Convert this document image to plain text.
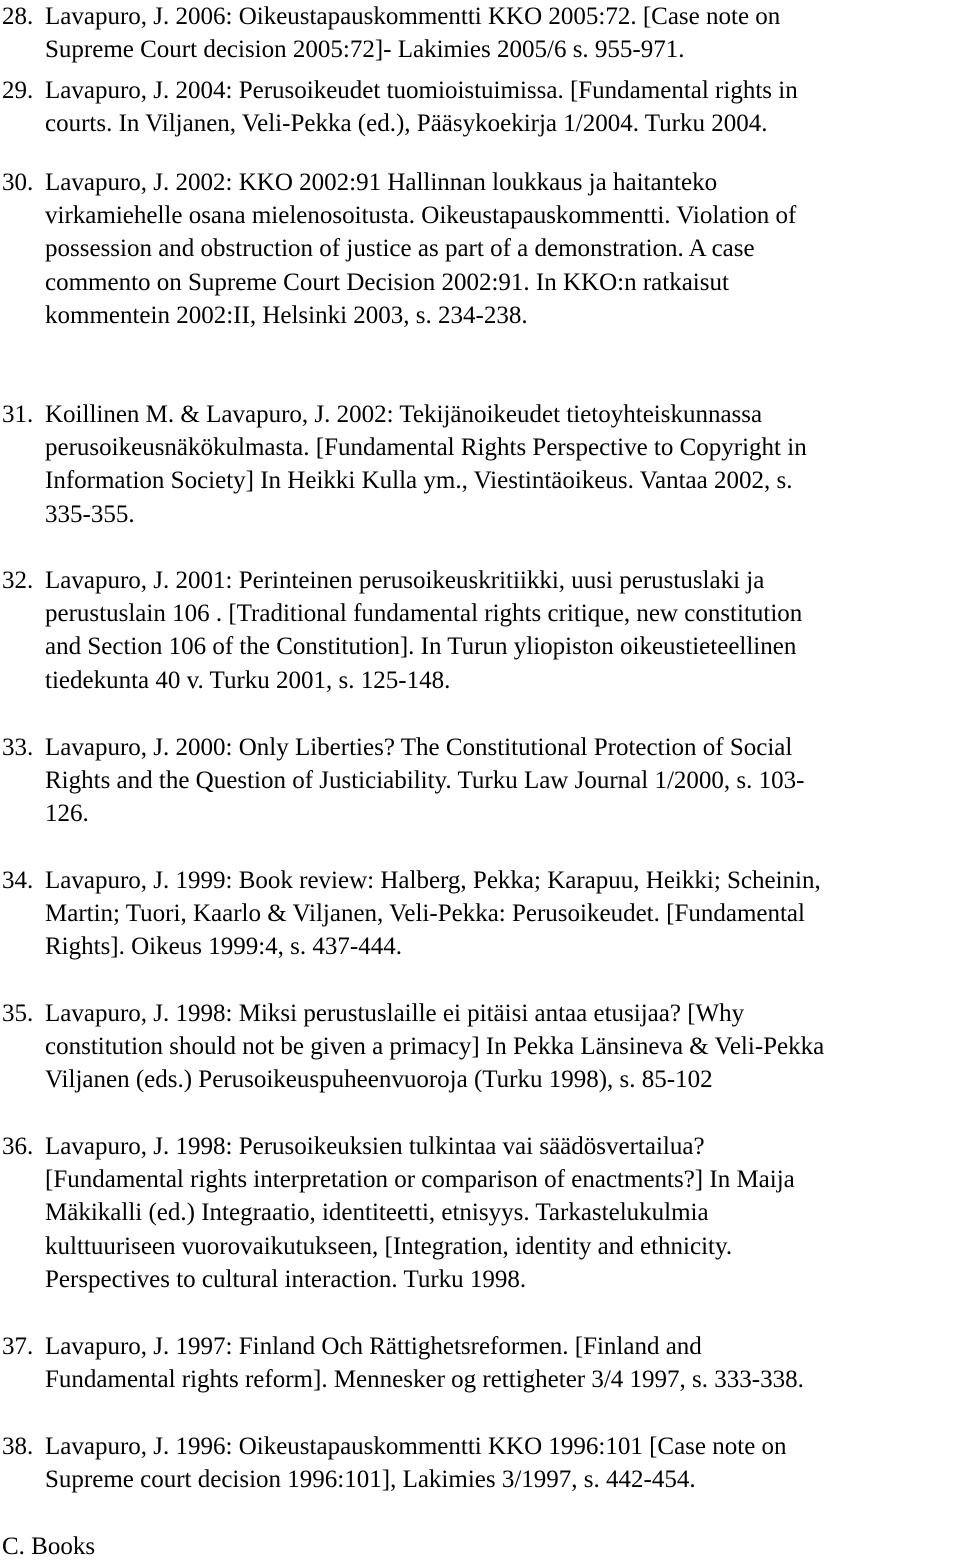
28. Lavapuro, J. 2006: Oikeustapauskommentti KKO 2005:72. [Case note on
Supreme Court decision 2005:72]- Lakimies 2005/6 s. 955-971.
29. Lavapuro, J. 2004: Perusoikeudet tuomioistuimissa. [Fundamental rights in
courts. In Viljanen, Veli-Pekka (ed.), Pääsykoekirja 1/2004. Turku 2004.
30. Lavapuro, J. 2002: KKO 2002:91 Hallinnan loukkaus ja haitanteko
virkamiehelle osana mielenosoitusta. Oikeustapauskommentti. Violation of
possession and obstruction of justice as part of a demonstration. A case
commento on Supreme Court Decision 2002:91. In KKO:n ratkaisut
kommentein 2002:II, Helsinki 2003, s. 234-238.
31. Koillinen M. & Lavapuro, J. 2002: Tekijänoikeudet tietoyhteiskunnassa
perusoikeusnäkökulmasta. [Fundamental Rights Perspective to Copyright in
Information Society] In Heikki Kulla ym., Viestintäoikeus. Vantaa 2002, s.
335-355.
32. Lavapuro, J. 2001: Perinteinen perusoikeuskritiikki, uusi perustuslaki ja
perustuslain 106 . [Traditional fundamental rights critique, new constitution
and Section 106 of the Constitution]. In Turun yliopiston oikeustieteellinen
tiedekunta 40 v. Turku 2001, s. 125-148.
33. Lavapuro, J. 2000: Only Liberties? The Constitutional Protection of Social
Rights and the Question of Justiciability. Turku Law Journal 1/2000, s. 103-
126.
34. Lavapuro, J. 1999: Book review: Halberg, Pekka; Karapuu, Heikki; Scheinin,
Martin; Tuori, Kaarlo & Viljanen, Veli-Pekka: Perusoikeudet. [Fundamental
Rights]. Oikeus 1999:4, s. 437-444.
35. Lavapuro, J. 1998: Miksi perustuslaille ei pitäisi antaa etusijaa? [Why
constitution should not be given a primacy] In Pekka Länsineva & Veli-Pekka
Viljanen (eds.) Perusoikeuspuheenvuoroja (Turku 1998), s. 85-102
36. Lavapuro, J. 1998: Perusoikeuksien tulkintaa vai säädösvertailua?
[Fundamental rights interpretation or comparison of enactments?] In Maija
Mäkikalli (ed.) Integraatio, identiteetti, etnisyys. Tarkastelukulmia
kulttuuriseen vuorovaikutukseen, [Integration, identity and ethnicity.
Perspectives to cultural interaction. Turku 1998.
37. Lavapuro, J. 1997: Finland Och Rättighetsreformen. [Finland and
Fundamental rights reform]. Mennesker og rettigheter 3/4 1997, s. 333-338.
38. Lavapuro, J. 1996: Oikeustapauskommentti KKO 1996:101 [Case note on
Supreme court decision 1996:101], Lakimies 3/1997, s. 442-454.
C. Books
